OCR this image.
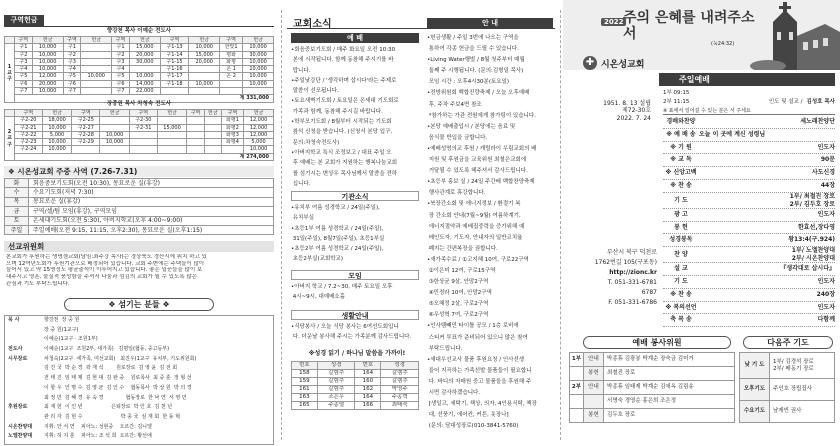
구역헌금
향강천 목사 이예순 전도사
	구역	헌금	구역	헌금	구역	헌금	구역	헌금	구역	헌금
1
교
구	구1	10,000	구1		구1	15,000	구1-13	10,000	한빛1	10,000
	구2	10,000	구2		구2	20,000	구1-14	15,000	평화	30,000
	구3	10,000	구3		구3	30,000	구1-15	20,000	화평	10,000
	구4	10,000	구4		구4		구1-16		온 1	10,000
	구5	12,000	구5	10,000	구5	10,000	구1-17		온 2	10,000
	구6	20,000	구6		구6	14,000	구1-18	10,000		10,000
	구7	10,000	구7		구7	22,000				
	계 331,000									
장중원 목사 차청숙 전도사
	구역	헌금	구역	헌금	구역	헌금	구역	헌금	구역	헌금
2
교
구	구2-20	18,000	구2-25		구2-30				화평1	12,000
	구2-21	10,000	구2-27		구2-31	15,000			화평2	12,000
	구2-22	5,000	구2-28	10,000					화평3	12,000
	구2-23	10,000	구2-29	10,000					화평4	5,000
	구2-24	10,000								10,000
	계 274,000									
❖ 시온성교회 주중 사역 (7.26-7.31)
화	회음중보기도회(오전 10:30), 몽묘로운 실(휴강)
수	수요기도회(저녁 7:30)
목	몽묘로운 실(휴강)
금	구역/셀/팀 모임(휴강), 구역모임
토	온세대기도회(오전 5:30), 아버지학교(오후 4:00~9:00)
주일	주일예배(오전 9:15, 11:15, 오후2:30), 몽묘로운 실(오후1:15)
선교위원회
본교회가 후원하는 생명샘교회(담임:최주강 목사)는 경상북도 경산시에 위치 하고 있
으며 12여년도회가 후원기관으로 배정되어 있습니다. 교회 주변에는 주택들이 많이
들어서 있고 약 15명정도 평균출석이 이루어지고 있습니다. 좋은 일꾼들을 많이 보
내주시고 영혼, 물질적 풍성함을 주셔서 나눔과 섬김의 교회가 될 수 있도록 많은
관심과 기도 부탁드립니다.
❖ 섬기는 분들 ❖
목 사	향강천  장 중 원
장 중 원(1교구)
이예순(1교구 · 조원1부)
전도사	이예순(1교구  조원2부, 새가족)   김평일(협동, 중고등부)
시무장로	차청숙(2교구  세가족, 여선교회)   최진우(1교구  유치부, 기도위원회)
김 진 국  박 순 경  곽 재 석        원로장로  김 영 윤  김 전 회
전 태 진  임 태 제  김 현 대  김 완 중    원로목사  최 중 훈  정 형 선
이 항 우  인 명 수  김 영 균  김 인 수    협동목사  박 상 원  박 의 경
최 정 민  김 혜 경  유 숙 경              협동장로  한 낙 연  서 영 민
후원장로	최 재 헌  이 인 빈                  은퇴장로  박 인 호  김 천 년
관 리 자  김 현 수                        박 종 국  심 재 회  한 동 혁
시온찬양대	지휘: 안 서 연    피아노: 성현중    오르간: 김니엘
노엘찬양대	지휘: 허 지 훈    피아노: 조 석 희  오르간: 황선애
교회소식
예 배
•회음중보기도회 / 매주 화요일 오전 10:30
본에 시작됩니다. 함께 동참해 주시기를 바
랍니다.
•주일낮강단 / '생각하며 삽시다'라는 주제로
말씀이 선포됩니다.
•토요새벽기도회 / 토요일은 온세대 기도회로
가족과 함께, 동참해 주시길 바랍니다.
•학부모기도회 / 8월부터 시작되는 기도회
참석 신청을 받습니다. (신청서 본당 입구,
문의:차청숙전도사)
•아버지학교 특식 조정보고 / 대표 주일 오
후 예배는 본 교회가 지원하는 행복나눔교회
를 섬기시는 변상우 목사님께서 말씀을 전하
십니다.
기관소식
•유치부 여름 성경학교 / 24일(주일),
유치부실
•초등1부 여름 성경학교 / 24일(주일),
31일(주일), 8월7일(주일), 초등1부실
•초등2부 여름 성경학교 / 24일(주일),
초등2부실(교회학교)
모임
•아버지 학교 / 7.2~30, 매주 토요일 오후
4시~9시, 대예배소홀
생활안내
•식당봉사 / 오늘 식당 봉사는 6여선도회입니
다. 더운날 봉사해 주시는 가족분께 감사드립니다.
※성경 읽기 / 하나님 말씀을 가까이!
번호	성경	번호	성경
158	갈렘추	164	갈렘추
159	갈렘추	160	갈렘추
161	갈렘추	162	박영주
163	조은우	164	주종혁
165	주종렬	166	최태숙
안 내
•헌금생활 / 주일 3번에 나오는 구역을
통하여 각종 헌금을 드릴 수 있습니다.
•Living Water행벌 / 8월 첫주부터 매월
둘째 주 시행됩니다. (문의:김형일 목사)
모임 시간 : 오후4시30분(토요일)
•전방위원회 백합진량축제 / 오늘 오후예배
후, 주차 주보4면 참조
*참가하는 가관 전원에게 참가팅이 있습니다.
•본당 예배출입시 / 본당에는 음료 및
음식물 반입을 금합니다.
•예배성명의교 후원 / 캐럴라이 우림교회의 배
지원 및 후원금을 교육위원 최철은교회에
거달될 수 있도록 헤주셔서 감사드립니다.
•초등부 홍보 실 / 24일 주간배 백합찬양축제
행사관계로 휴강합니다.
•북장간소회 및 에너지정보 / 환절기 복
장 간소회 안내(7월~9월) 여름하계기,
에너지절약과 예배집중력을 증가위해 예
배인도자, 기도자, 안내자의 일반코치율
폐지는 간편복장을 권합니다.
•새가족수료 / ①고지혜 10여, 구로22구역
②이은미 12여, 구로15구역
③한상균 9살, 안맘2구역
④민정라 10여, 안맘2구역
⑤오혜정 2살, 구로2구역
⑥우성혁 7여, 구로2구역
•인사템빼민 타이틀 공모 / 1층 로비에
스티커 투표가 준비되어 있으니 많은 참여
부탁드립니다.
•새대우선교사 물품 후원요청 / 인사선생
들어 지곡하는 가족선발 물품들이 필요합니
다. 바디의 자매원 중고 물품들을 후원해 주
시면 감사하겠습니다.
[생일고, 세탁기, 책상, 의자, 4인용식탁, 책장
대, 선풍기, 에어컨, 커튼, 옷장나]
(문의: 담대성장로(010-3841-5760)
2022 주의 은혜를 내려주소서
(눅24:32)
✚ 시온성교회
1951. 8. 13 설립
제72-30호
2022. 7. 24
부산시 북구 덕천로
1762번길 105(구포동)
http://zionc.kr
T. 051-331-6781
6787
F. 051-331-6786
주일예배
1부 09:15
2부 11:15	인도 및 설교 / 김성호 목사
※ 표에서 일어설 수 있는 분은 서 주세요
경배와찬양	세노래찬양단
※ 예 배 송 오늘 이 곳에 계신 성령님
※ 기 원	인도자
※ 교 독	90문
※ 신앙고백	사도신경
※ 찬 송	44장
기 도
1부/ 최철진 장로
2부/ 김두호 장로
광 고	인도자
봉 헌	한효선,장다영
성경봉독	왕13:4(구.924)
찬 양
1부/ 노엘찬양대
2부/ 시온찬양대
설 교	『생각대로 삽시다』
기 도	인도자
※ 찬 송	240장
※ 복의선언	인도자
축 복 송	다함께
예배 봉사위원
1부	안내	박종휴 김광봉 박계순 장숙금 김미거
	봉헌	최철진 장로
2부	안내	박종휴 임태제 박계순 김애옥 김림송
		서명숙 경영순 홍은희 조은정
	봉헌	김두호 장로
다음주 기도
낮 기 도	1부/ 김경석 장로
2부/ 배동기 장로
오후기도	주인호 장립집사
수요기도	남재빈 권사
